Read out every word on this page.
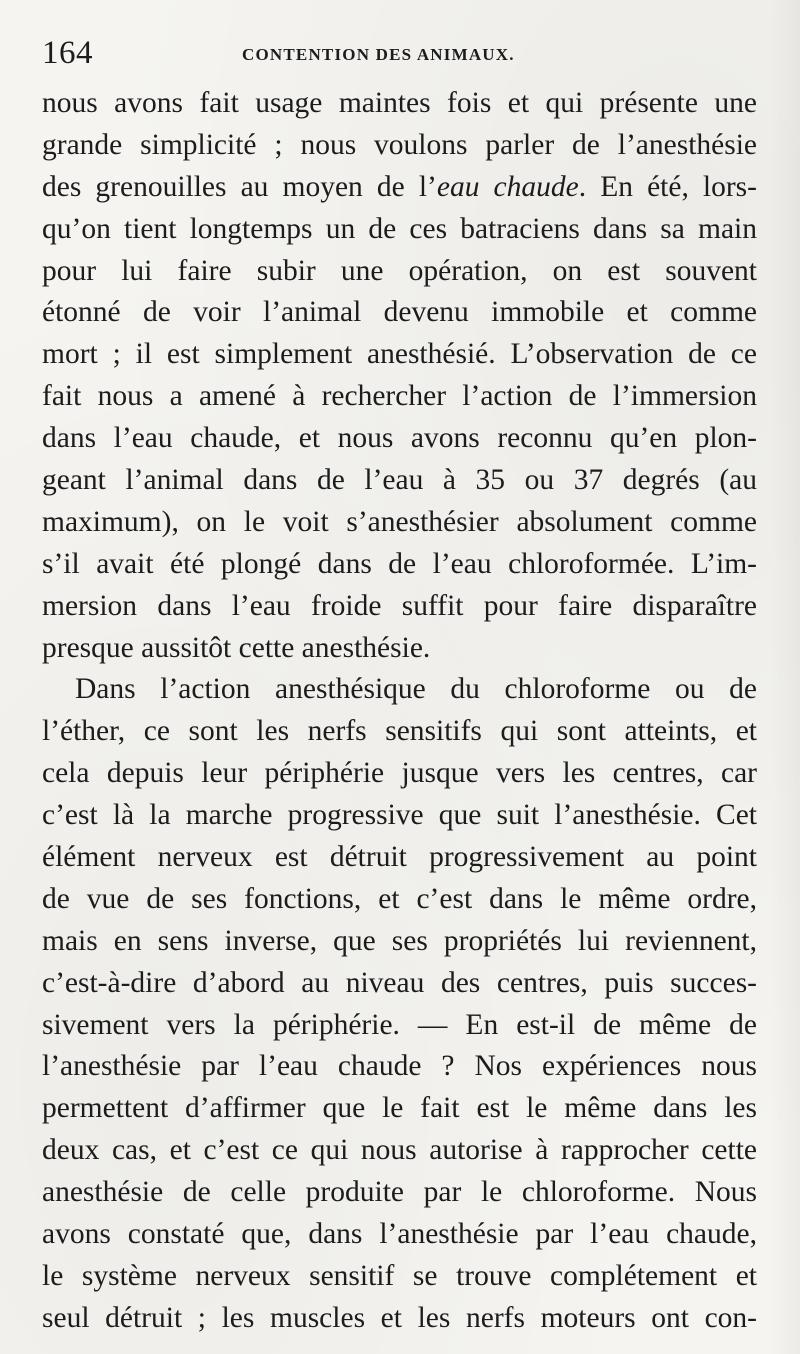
164	CONTENTION DES ANIMAUX.
nous avons fait usage maintes fois et qui présente une
grande simplicité ; nous voulons parler de l’anesthésie
des grenouilles au moyen de l’eau chaude. En été, lors-
qu’on tient longtemps un de ces batraciens dans sa main
pour lui faire subir une opération, on est souvent
étonné de voir l’animal devenu immobile et comme
mort ; il est simplement anesthésié. L’observation de ce
fait nous a amené à rechercher l’action de l’immersion
dans l’eau chaude, et nous avons reconnu qu’en plon-
geant l’animal dans de l’eau à 35 ou 37 degrés (au
maximum), on le voit s’anesthésier absolument comme
s’il avait été plongé dans de l’eau chloroformée. L’im-
mersion dans l’eau froide suffit pour faire disparaître
presque aussitôt cette anesthésie.
Dans l’action anesthésique du chloroforme ou de
l’éther, ce sont les nerfs sensitifs qui sont atteints, et
cela depuis leur périphérie jusque vers les centres, car
c’est là la marche progressive que suit l’anesthésie. Cet
élément nerveux est détruit progressivement au point
de vue de ses fonctions, et c’est dans le même ordre,
mais en sens inverse, que ses propriétés lui reviennent,
c’est-à-dire d’abord au niveau des centres, puis succes-
sivement vers la périphérie. — En est-il de même de
l’anesthésie par l’eau chaude ? Nos expériences nous
permettent d’affirmer que le fait est le même dans les
deux cas, et c’est ce qui nous autorise à rapprocher cette
anesthésie de celle produite par le chloroforme. Nous
avons constaté que, dans l’anesthésie par l’eau chaude,
le système nerveux sensitif se trouve complétement et
seul détruit ; les muscles et les nerfs moteurs ont con-
